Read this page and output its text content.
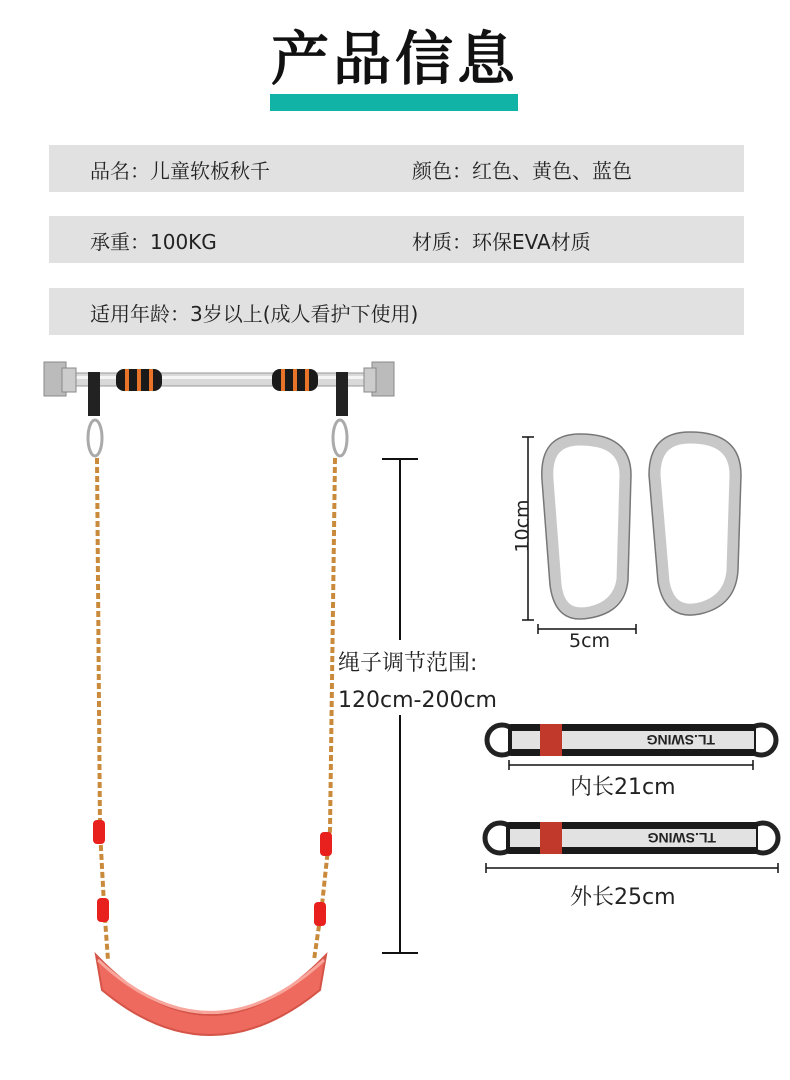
产品信息
品名：儿童软板秋千	颜色：红色、黄色、蓝色
承重：100KG	材质：环保EVA材质
适用年龄：3岁以上(成人看护下使用)
TL.SWING
TL.SWING
绳子调节范围:
120cm-200cm
10cm
5cm
内长21cm
外长25cm
